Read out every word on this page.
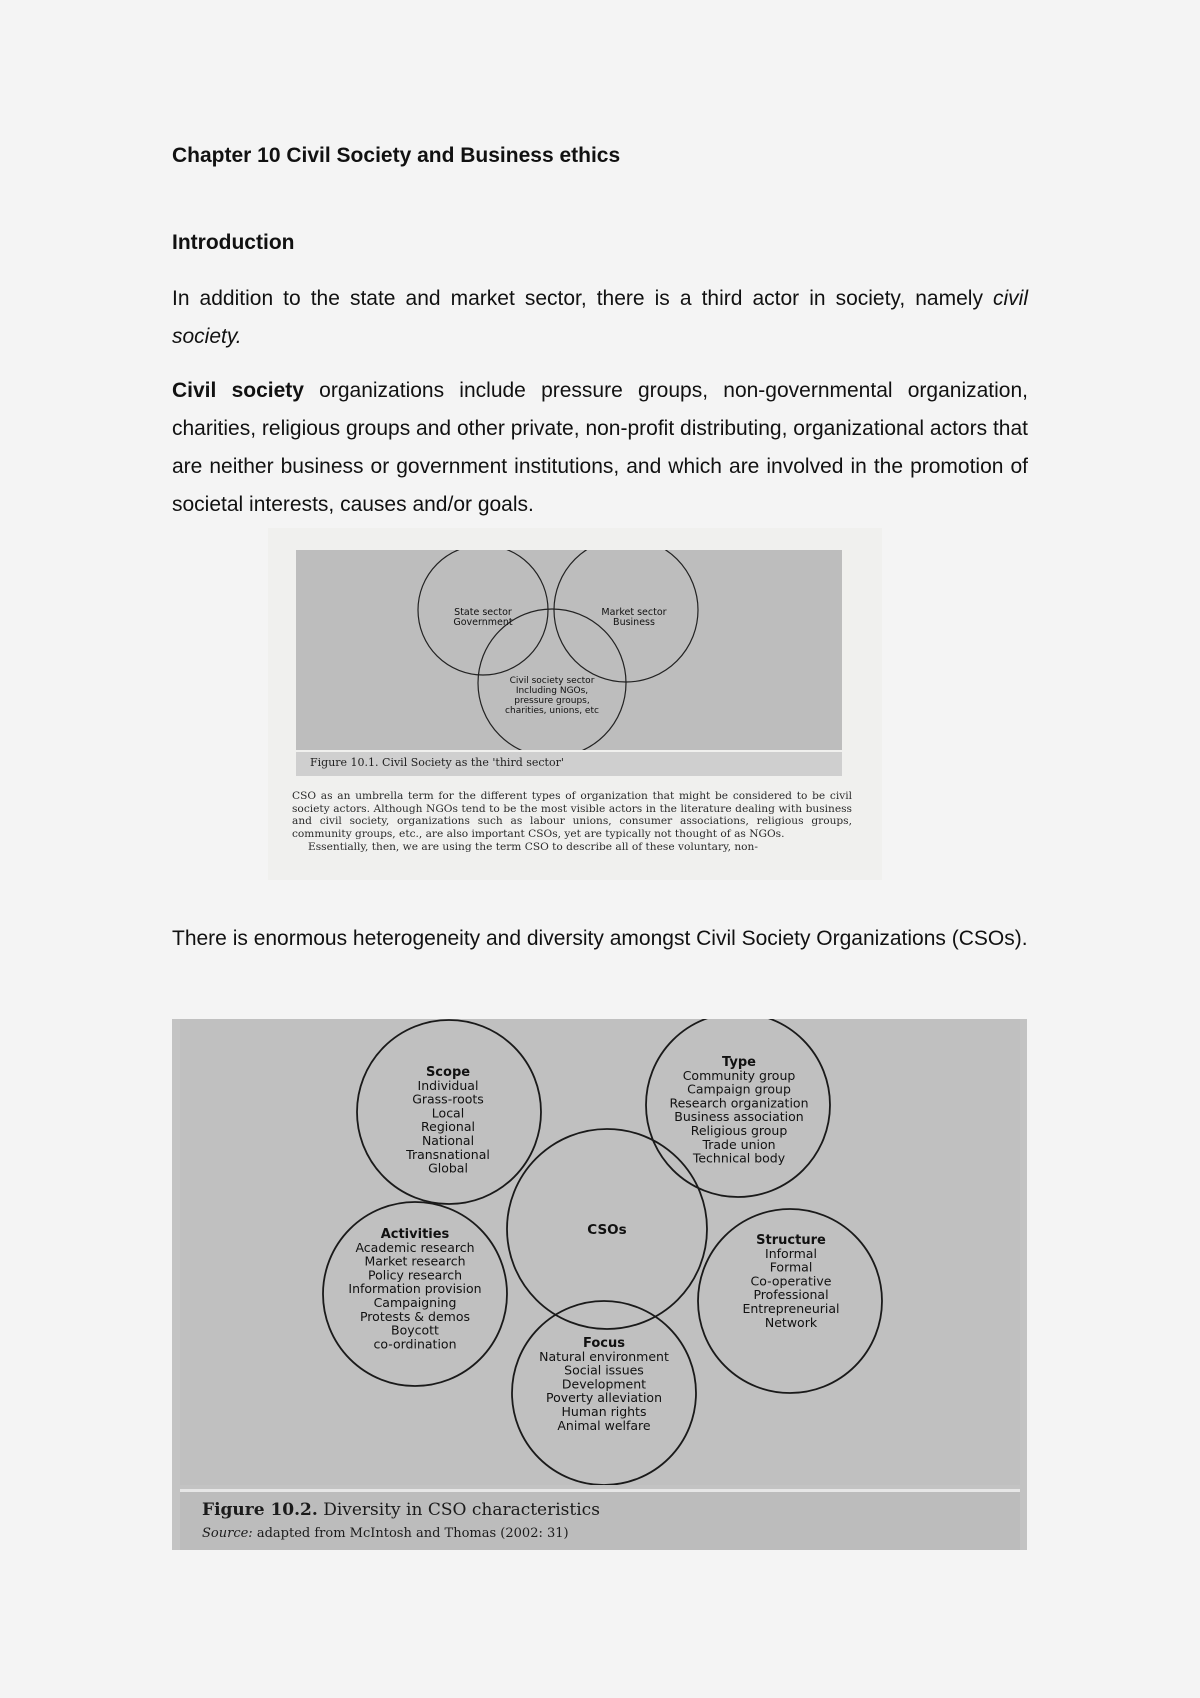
Chapter 10 Civil Society and Business ethics
Introduction
In addition to the state and market sector, there is a third actor in society, namely civil society.
Civil society organizations include pressure groups, non-governmental organization, charities, religious groups and other private, non-profit distributing, organizational actors that are neither business or government institutions, and which are involved in the promotion of societal interests, causes and/or goals.
State sector
Government
Market sector
Business
Civil society sector
Including NGOs,
pressure groups,
charities, unions, etc
Figure 10.1. Civil Society as the 'third sector'
CSO as an umbrella term for the different types of organization that might be considered to be civil society actors. Although NGOs tend to be the most visible actors in the literature dealing with business and civil society, organizations such as labour unions, consumer associations, religious groups, community groups, etc., are also important CSOs, yet are typically not thought of as NGOs.
Essentially, then, we are using the term CSO to describe all of these voluntary, non-
There is enormous heterogeneity and diversity amongst Civil Society Organizations (CSOs).
Scope
Individual
Grass-roots
Local
Regional
National
Transnational
Global
Type
Community group
Campaign group
Research organization
Business association
Religious group
Trade union
Technical body
Activities
Academic research
Market research
Policy research
Information provision
Campaigning
Protests & demos
Boycott
co-ordination
Structure
Informal
Formal
Co-operative
Professional
Entrepreneurial
Network
Focus
Natural environment
Social issues
Development
Poverty alleviation
Human rights
Animal welfare
CSOs
Figure 10.2. Diversity in CSO characteristics
Source: adapted from McIntosh and Thomas (2002: 31)
